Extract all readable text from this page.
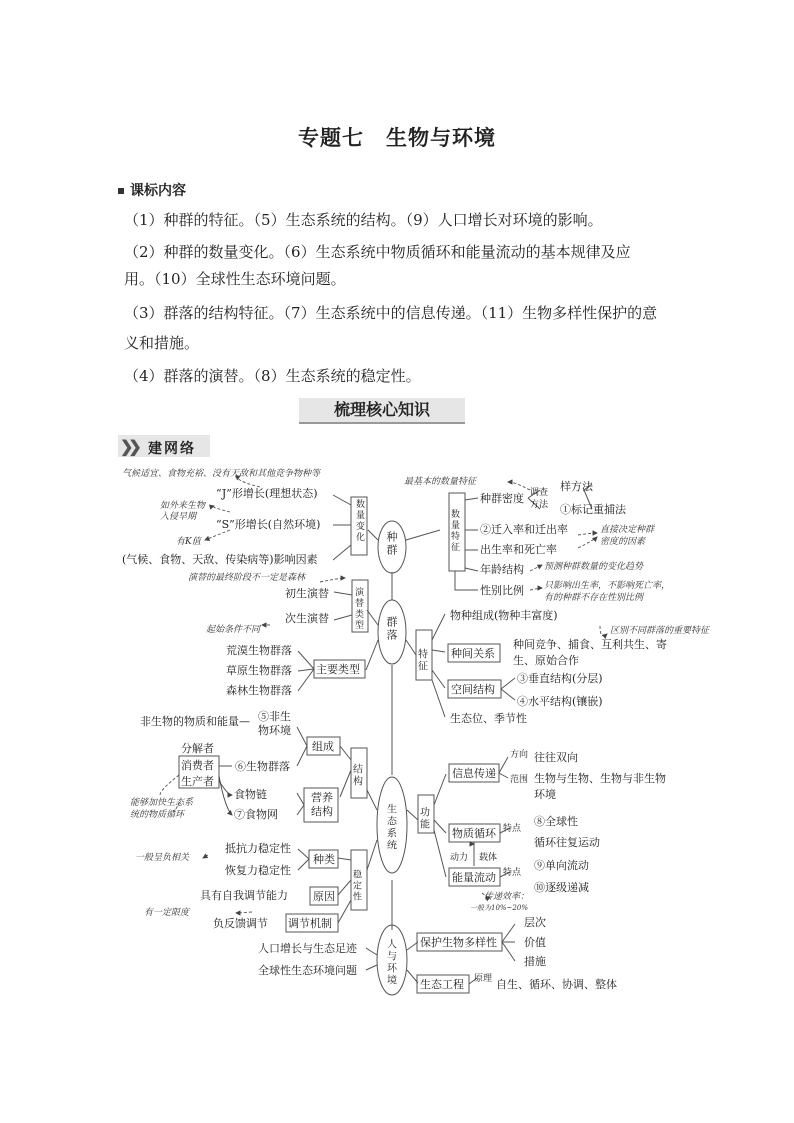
专题七　生物与环境
课标内容
（1）种群的特征。（5）生态系统的结构。（9）人口增长对环境的影响。
（2）种群的数量变化。（6）生态系统中物质循环和能量流动的基本规律及应
用。（10）全球性生态环境问题。
（3）群落的结构特征。（7）生态系统中的信息传递。（11）生物多样性保护的意
义和措施。
（4）群落的演替。（8）生态系统的稳定性。
梳理核心知识
❯❯ 建网络
种群
群落
生态系统
人与环境
气候适宜、食物充裕、没有天敌和其他竞争物种等
“J”形增长(理想状态)
如外来生物
入侵早期
“S”形增长(自然环境)
有K值
(气候、食物、天敌、传染病等)影响因素
数量变化
数量特征
最基本的数量特征
种群密度 调查
方法
样方法
①标记重捕法
②迁入率和迁出率
出生率和死亡率
直接决定种群
密度的因素
年龄结构 预测种群数量的变化趋势
性别比例 只影响出生率，不影响死亡率，
有的种群不存在性别比例
演替的最终阶段不一定是森林
初生演替
次生演替
起始条件不同
演替类型
荒漠生物群落
草原生物群落
森林生物群落
主要类型
特征
物种组成(物种丰富度)
区别不同群落的重要特征
种间关系
种间竞争、捕食、互利共生、寄
生、原始合作
空间结构
③垂直结构(分层)
④水平结构(镶嵌)
生态位、季节性
结构
非生物的物质和能量— ⑤非生
物环境
组成
分解者
消费者
生产者
⑥生物群落
能够加快生态系
统的物质循环
食物链
⑦食物网
营养
结构
稳定性
抵抗力稳定性
恢复力稳定性
一般呈负相关	种类
具有自我调节能力 原因
有一定限度
负反馈调节 调节机制
功能
信息传递
方向 往往双向
范围 生物与生物、生物与非生物
环境
物质循环 特点
⑧全球性
循环往复运动
动力 载体
能量流动 特点
⑨单向流动
⑩逐级递减
传递效率：
一般为10%~20%
人口增长与生态足迹
全球性生态环境问题
保护生物多样性
层次
价值
措施
生态工程 原理 自生、循环、协调、整体
